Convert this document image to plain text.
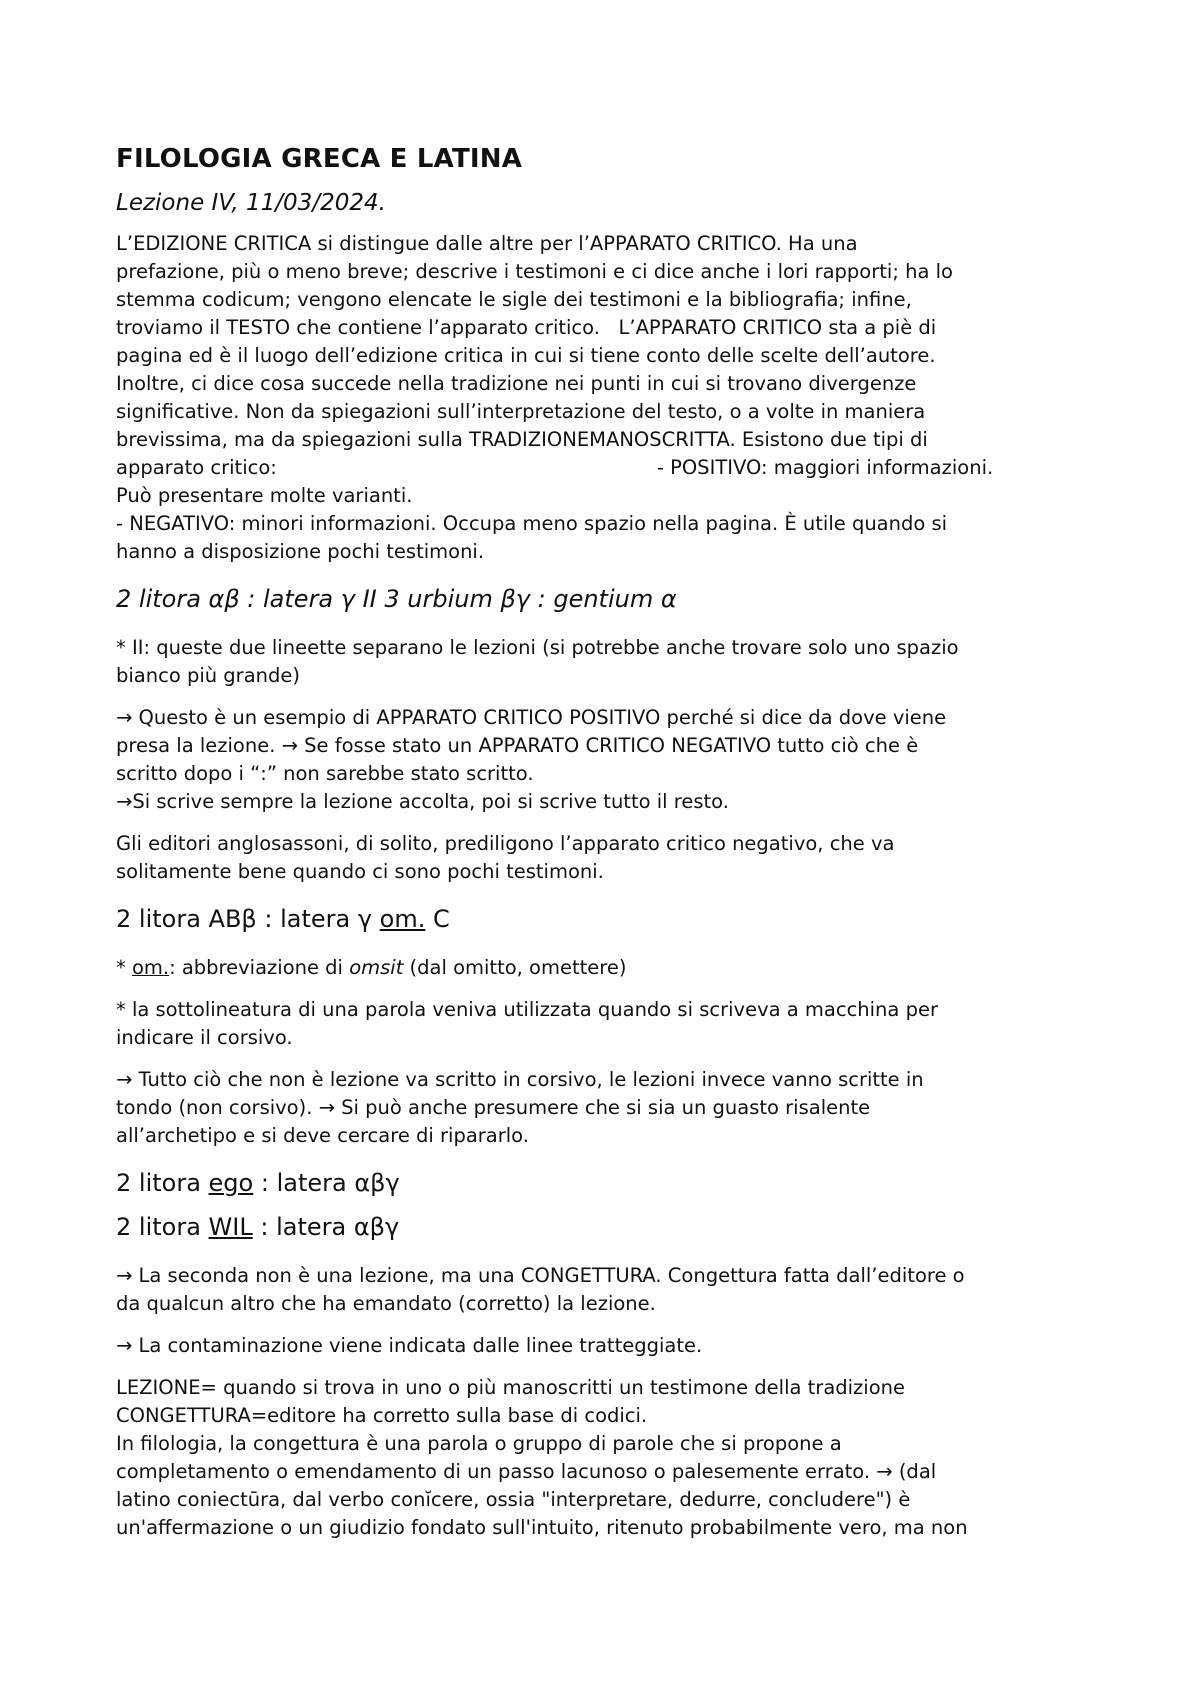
FILOLOGIA GRECA E LATINA
Lezione IV, 11/03/2024.

L’EDIZIONE CRITICA si distingue dalle altre per l’APPARATO CRITICO. Ha una
prefazione, più o meno breve; descrive i testimoni e ci dice anche i lori rapporti; ha lo
stemma codicum; vengono elencate le sigle dei testimoni e la bibliografia; infine,
troviamo il TESTO che contiene l’apparato critico.   L’APPARATO CRITICO sta a piè di
pagina ed è il luogo dell’edizione critica in cui si tiene conto delle scelte dell’autore.
Inoltre, ci dice cosa succede nella tradizione nei punti in cui si trovano divergenze
significative. Non da spiegazioni sull’interpretazione del testo, o a volte in maniera
brevissima, ma da spiegazioni sulla TRADIZIONEMANOSCRITTA. Esistono due tipi di
apparato critico:	- POSITIVO: maggiori informazioni.
Può presentare molte varianti.
- NEGATIVO: minori informazioni. Occupa meno spazio nella pagina. È utile quando si
hanno a disposizione pochi testimoni.

2 litora αβ : latera γ II 3 urbium βγ : gentium α

* II: queste due lineette separano le lezioni (si potrebbe anche trovare solo uno spazio
bianco più grande)

→ Questo è un esempio di APPARATO CRITICO POSITIVO perché si dice da dove viene
presa la lezione. → Se fosse stato un APPARATO CRITICO NEGATIVO tutto ciò che è
scritto dopo i “:” non sarebbe stato scritto.
→Si scrive sempre la lezione accolta, poi si scrive tutto il resto.

Gli editori anglosassoni, di solito, prediligono l’apparato critico negativo, che va
solitamente bene quando ci sono pochi testimoni.

2 litora ABβ : latera γ om. C

* om.: abbreviazione di omsit (dal omitto, omettere)

* la sottolineatura di una parola veniva utilizzata quando si scriveva a macchina per
indicare il corsivo.

→ Tutto ciò che non è lezione va scritto in corsivo, le lezioni invece vanno scritte in
tondo (non corsivo). → Si può anche presumere che si sia un guasto risalente
all’archetipo e si deve cercare di ripararlo.

2 litora ego : latera αβγ
2 litora WIL : latera αβγ

→ La seconda non è una lezione, ma una CONGETTURA. Congettura fatta dall’editore o
da qualcun altro che ha emandato (corretto) la lezione.

→ La contaminazione viene indicata dalle linee tratteggiate.

LEZIONE= quando si trova in uno o più manoscritti un testimone della tradizione
CONGETTURA=editore ha corretto sulla base di codici.
In filologia, la congettura è una parola o gruppo di parole che si propone a
completamento o emendamento di un passo lacunoso o palesemente errato. → (dal
latino coniectūra, dal verbo conĭcere, ossia "interpretare, dedurre, concludere") è
un'affermazione o un giudizio fondato sull'intuito, ritenuto probabilmente vero, ma non
